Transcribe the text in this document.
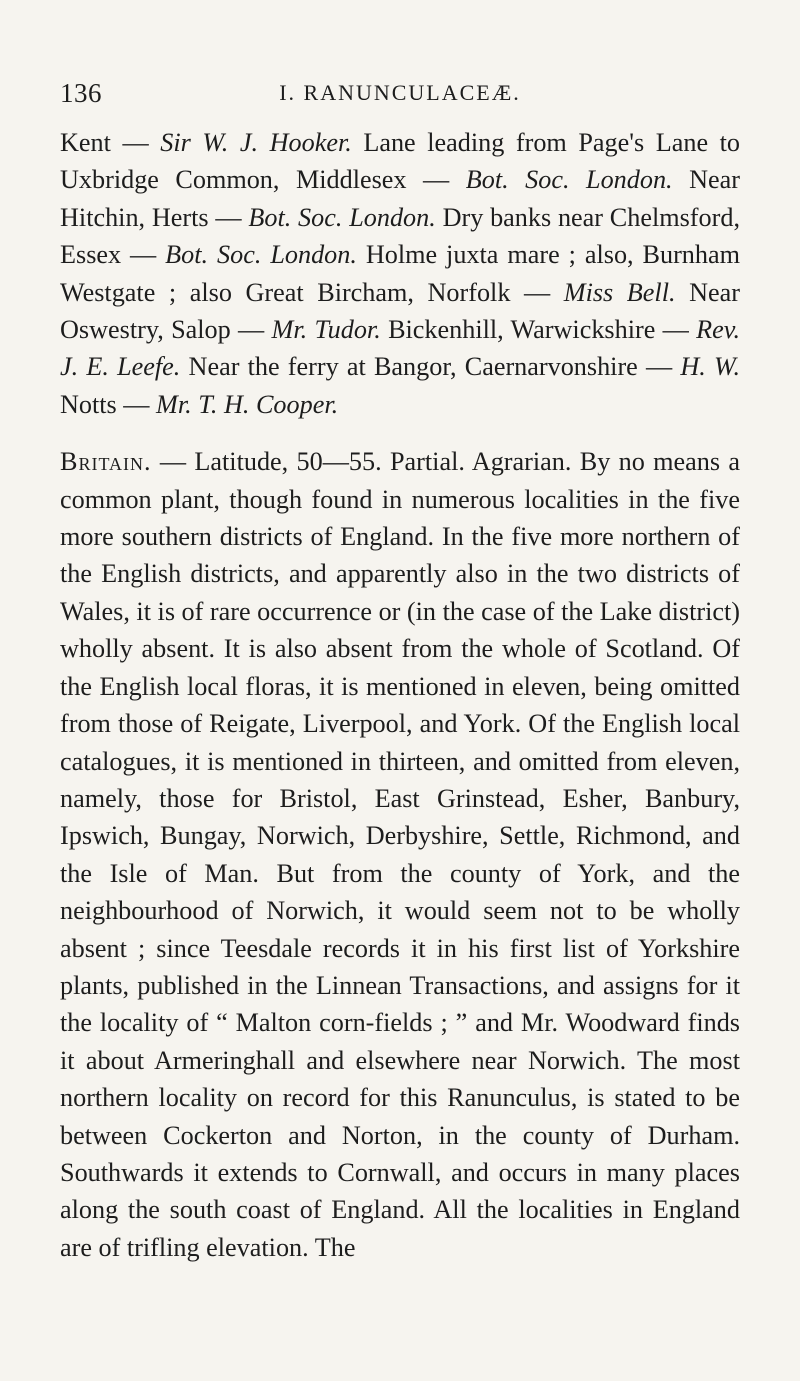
136	I. RANUNCULACEÆ.

Kent — Sir W. J. Hooker. Lane leading from Page's Lane to Uxbridge Common, Middlesex — Bot. Soc. London. Near Hitchin, Herts — Bot. Soc. London. Dry banks near Chelmsford, Essex — Bot. Soc. London. Holme juxta mare ; also, Burnham Westgate ; also Great Bircham, Norfolk — Miss Bell. Near Oswestry, Salop — Mr. Tudor. Bickenhill, Warwickshire — Rev. J. E. Leefe. Near the ferry at Bangor, Caernarvonshire — H. W. Notts — Mr. T. H. Cooper.

Britain. — Latitude, 50—55. Partial. Agrarian. By no means a common plant, though found in numerous localities in the five more southern districts of England. In the five more northern of the English districts, and apparently also in the two districts of Wales, it is of rare occurrence or (in the case of the Lake district) wholly absent. It is also absent from the whole of Scotland. Of the English local floras, it is mentioned in eleven, being omitted from those of Reigate, Liverpool, and York. Of the English local catalogues, it is mentioned in thirteen, and omitted from eleven, namely, those for Bristol, East Grinstead, Esher, Banbury, Ipswich, Bungay, Norwich, Derbyshire, Settle, Richmond, and the Isle of Man. But from the county of York, and the neighbourhood of Norwich, it would seem not to be wholly absent ; since Teesdale records it in his first list of Yorkshire plants, published in the Linnean Transactions, and assigns for it the locality of “ Malton corn-fields ; ” and Mr. Woodward finds it about Armeringhall and elsewhere near Norwich. The most northern locality on record for this Ranunculus, is stated to be between Cockerton and Norton, in the county of Durham. Southwards it extends to Cornwall, and occurs in many places along the south coast of England. All the localities in England are of trifling elevation. The
